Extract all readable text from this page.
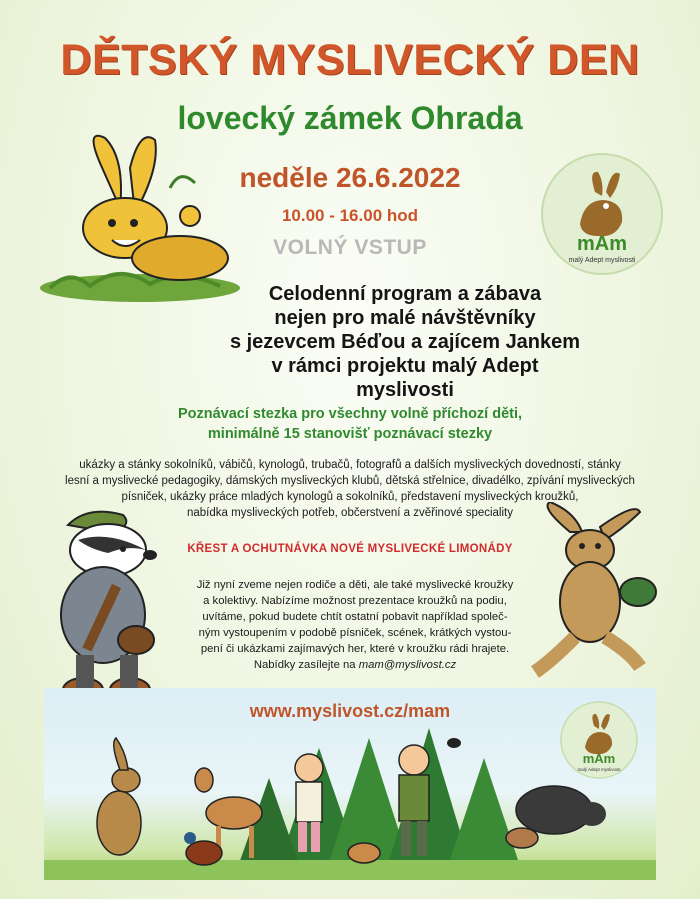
DĚTSKÝ MYSLIVECKÝ DEN
lovecký zámek Ohrada
neděle 26.6.2022
10.00 - 16.00 hod
VOLNÝ VSTUP	mAm
malý Adept myslivosti
Celodenní program a zábava
nejen pro malé návštěvníky
s jezevcem Béďou a zajícem Jankem
v rámci projektu malý Adept myslivosti
Poznávací stezka pro všechny volně příchozí děti,
minimálně 15 stanovišť poznávací stezky
ukázky a stánky sokolníků, vábičů, kynologů, trubačů, fotografů a dalších mysliveckých dovedností, stánky
lesní a myslivecké pedagogiky, dámských mysliveckých klubů, dětská střelnice, divadélko, zpívání mysliveckých
písniček, ukázky práce mladých kynologů a sokolníků, představení mysliveckých kroužků,
nabídka mysliveckých potřeb, občerstvení a zvěřinové speciality
KŘEST A OCHUTNÁVKA NOVÉ MYSLIVECKÉ LIMONÁDY
Již nyní zveme nejen rodiče a děti, ale také myslivecké kroužky
a kolektivy. Nabízíme možnost prezentace kroužků na podiu,
uvítáme, pokud budete chtít ostatní pobavit například společ-
ným vystoupením v podobě písniček, scének, krátkých vystou-
pení či ukázkami zajímavých her, které v kroužku rádi hrajete.
Nabídky zasílejte na mam@myslivost.cz
www.myslivost.cz/mam
mAm
malý Adept myslivosti
